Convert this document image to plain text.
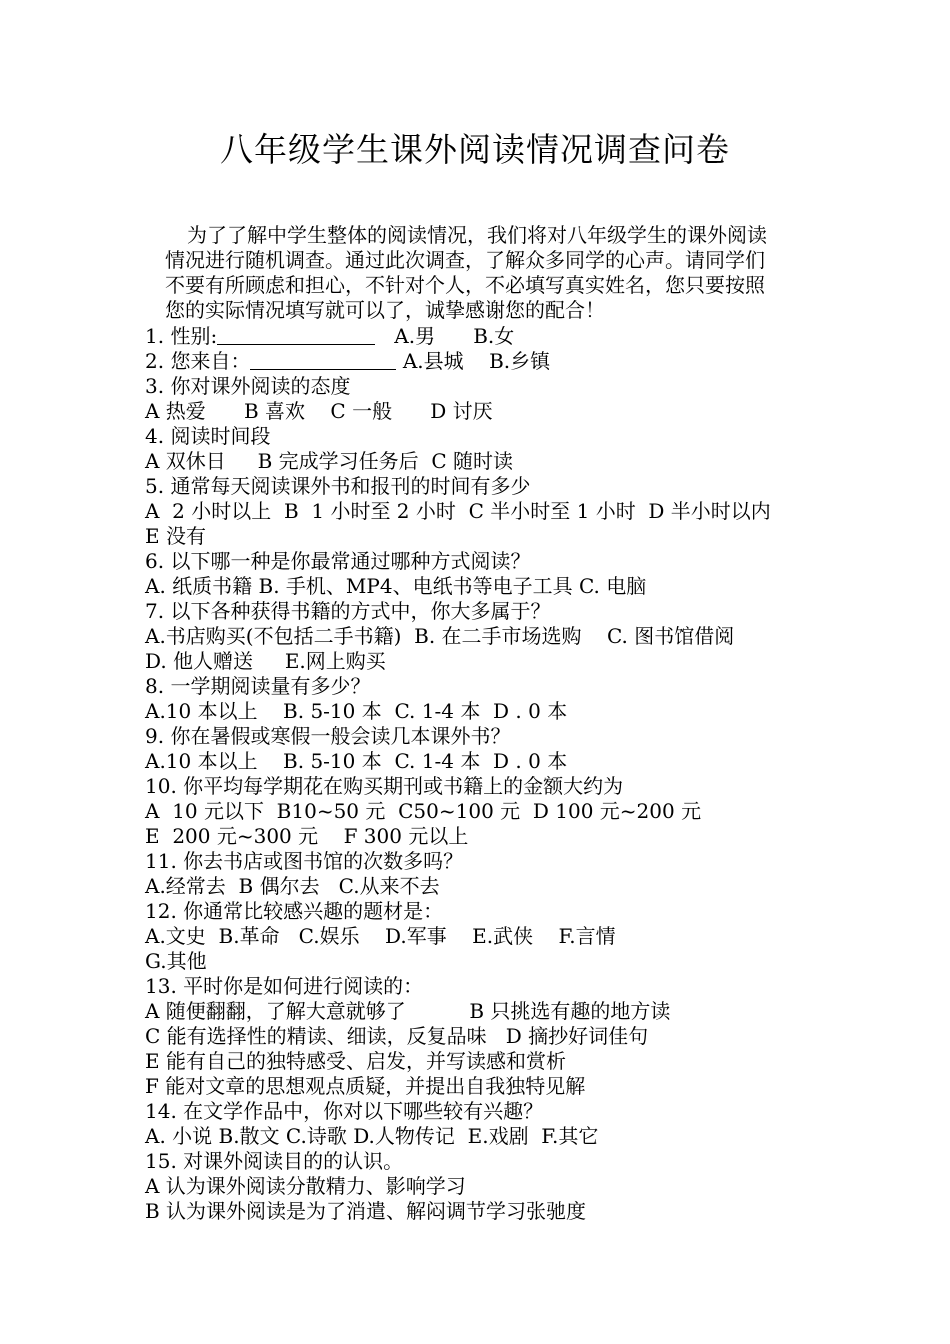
八年级学生课外阅读情况调查问卷
为了了解中学生整体的阅读情况，我们将对八年级学生的课外阅读
情况进行随机调查。通过此次调查，了解众多同学的心声。请同学们
不要有所顾虑和担心，不针对个人，不必填写真实姓名，您只要按照
您的实际情况填写就可以了，诚挚感谢您的配合！
1. 性别:	A.男 B.女
2. 您来自：	A.县城 B.乡镇
3. 你对课外阅读的态度
A 热爱      B 喜欢    C 一般      D 讨厌
4. 阅读时间段
A 双休日     B 完成学习任务后  C 随时读
5. 通常每天阅读课外书和报刊的时间有多少
A  2 小时以上  B  1 小时至 2 小时  C 半小时至 1 小时  D 半小时以内
E 没有
6. 以下哪一种是你最常通过哪种方式阅读？
A. 纸质书籍 B. 手机、MP4、电纸书等电子工具 C. 电脑
7. 以下各种获得书籍的方式中，你大多属于？
A.书店购买(不包括二手书籍)  B. 在二手市场选购    C. 图书馆借阅
D. 他人赠送     E.网上购买
8. 一学期阅读量有多少？
A.10 本以上    B. 5-10 本  C. 1-4 本  D . 0 本
9. 你在暑假或寒假一般会读几本课外书？
A.10 本以上    B. 5-10 本  C. 1-4 本  D . 0 本
10. 你平均每学期花在购买期刊或书籍上的金额大约为
A  10 元以下  B10~50 元  C50~100 元  D 100 元~200 元
E  200 元~300 元    F 300 元以上
11. 你去书店或图书馆的次数多吗？
A.经常去  B 偶尔去   C.从来不去
12. 你通常比较感兴趣的题材是：
A.文史  B.革命   C.娱乐    D.军事    E.武侠    F.言情
G.其他
13. 平时你是如何进行阅读的：
A 随便翻翻，了解大意就够了          B 只挑选有趣的地方读
C 能有选择性的精读、细读，反复品味   D 摘抄好词佳句
E 能有自己的独特感受、启发，并写读感和赏析
F 能对文章的思想观点质疑，并提出自我独特见解
14. 在文学作品中，你对以下哪些较有兴趣？
A. 小说 B.散文 C.诗歌 D.人物传记  E.戏剧  F.其它
15. 对课外阅读目的的认识。
A 认为课外阅读分散精力、影响学习
B 认为课外阅读是为了消遣、解闷调节学习张驰度
